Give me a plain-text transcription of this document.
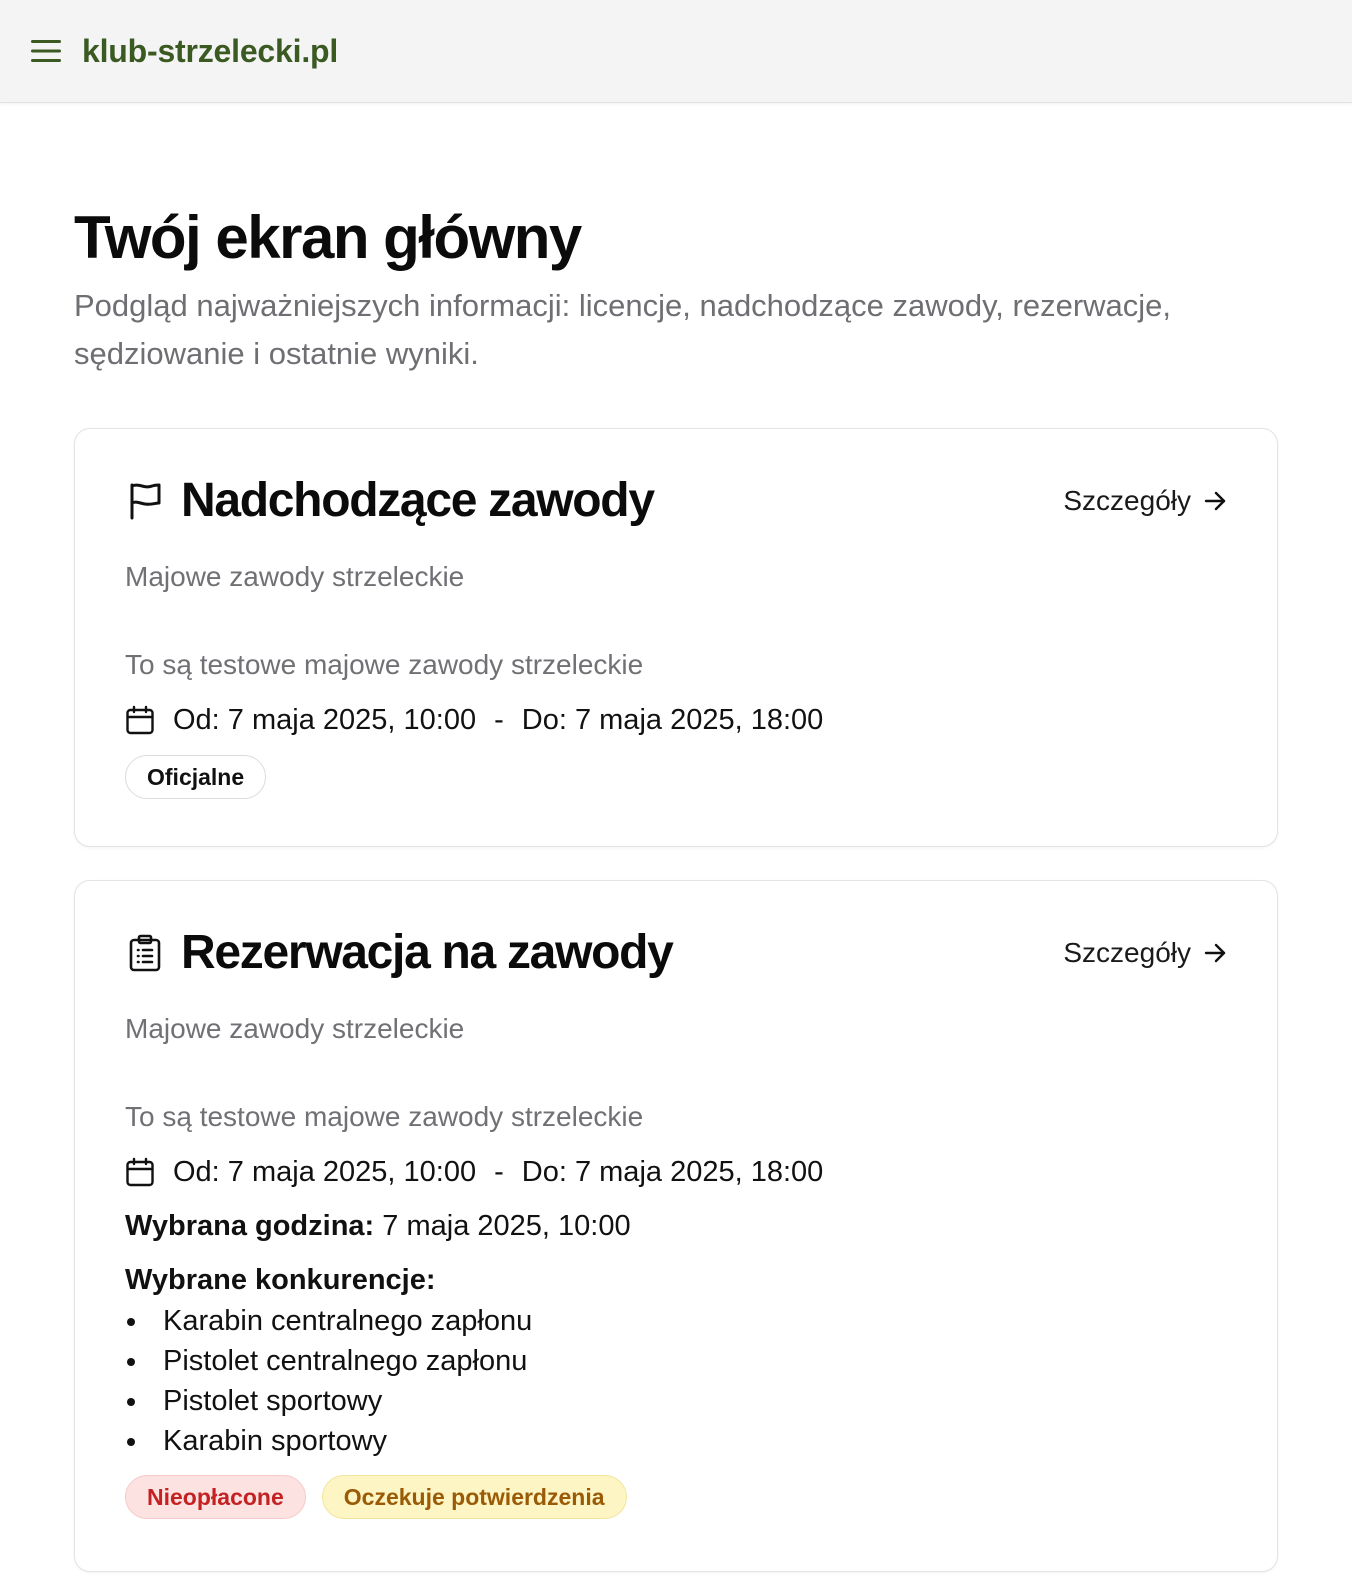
klub-strzelecki.pl
Twój ekran główny

Podgląd najważniejszych informacji: licencje, nadchodzące zawody, rezerwacje, sędziowanie i ostatnie wyniki.

Nadchodzące zawody	Szczegóły
Majowe zawody strzeleckie
To są testowe majowe zawody strzeleckie
Od: 7 maja 2025, 10:00 - Do: 7 maja 2025, 18:00
Oficjalne
Rezerwacja na zawody	Szczegóły
Majowe zawody strzeleckie
To są testowe majowe zawody strzeleckie
Od: 7 maja 2025, 10:00 - Do: 7 maja 2025, 18:00
Wybrana godzina: 7 maja 2025, 10:00
Wybrane konkurencje:
Karabin centralnego zapłonu
Pistolet centralnego zapłonu
Pistolet sportowy
Karabin sportowy
Nieopłacone	Oczekuje potwierdzenia
